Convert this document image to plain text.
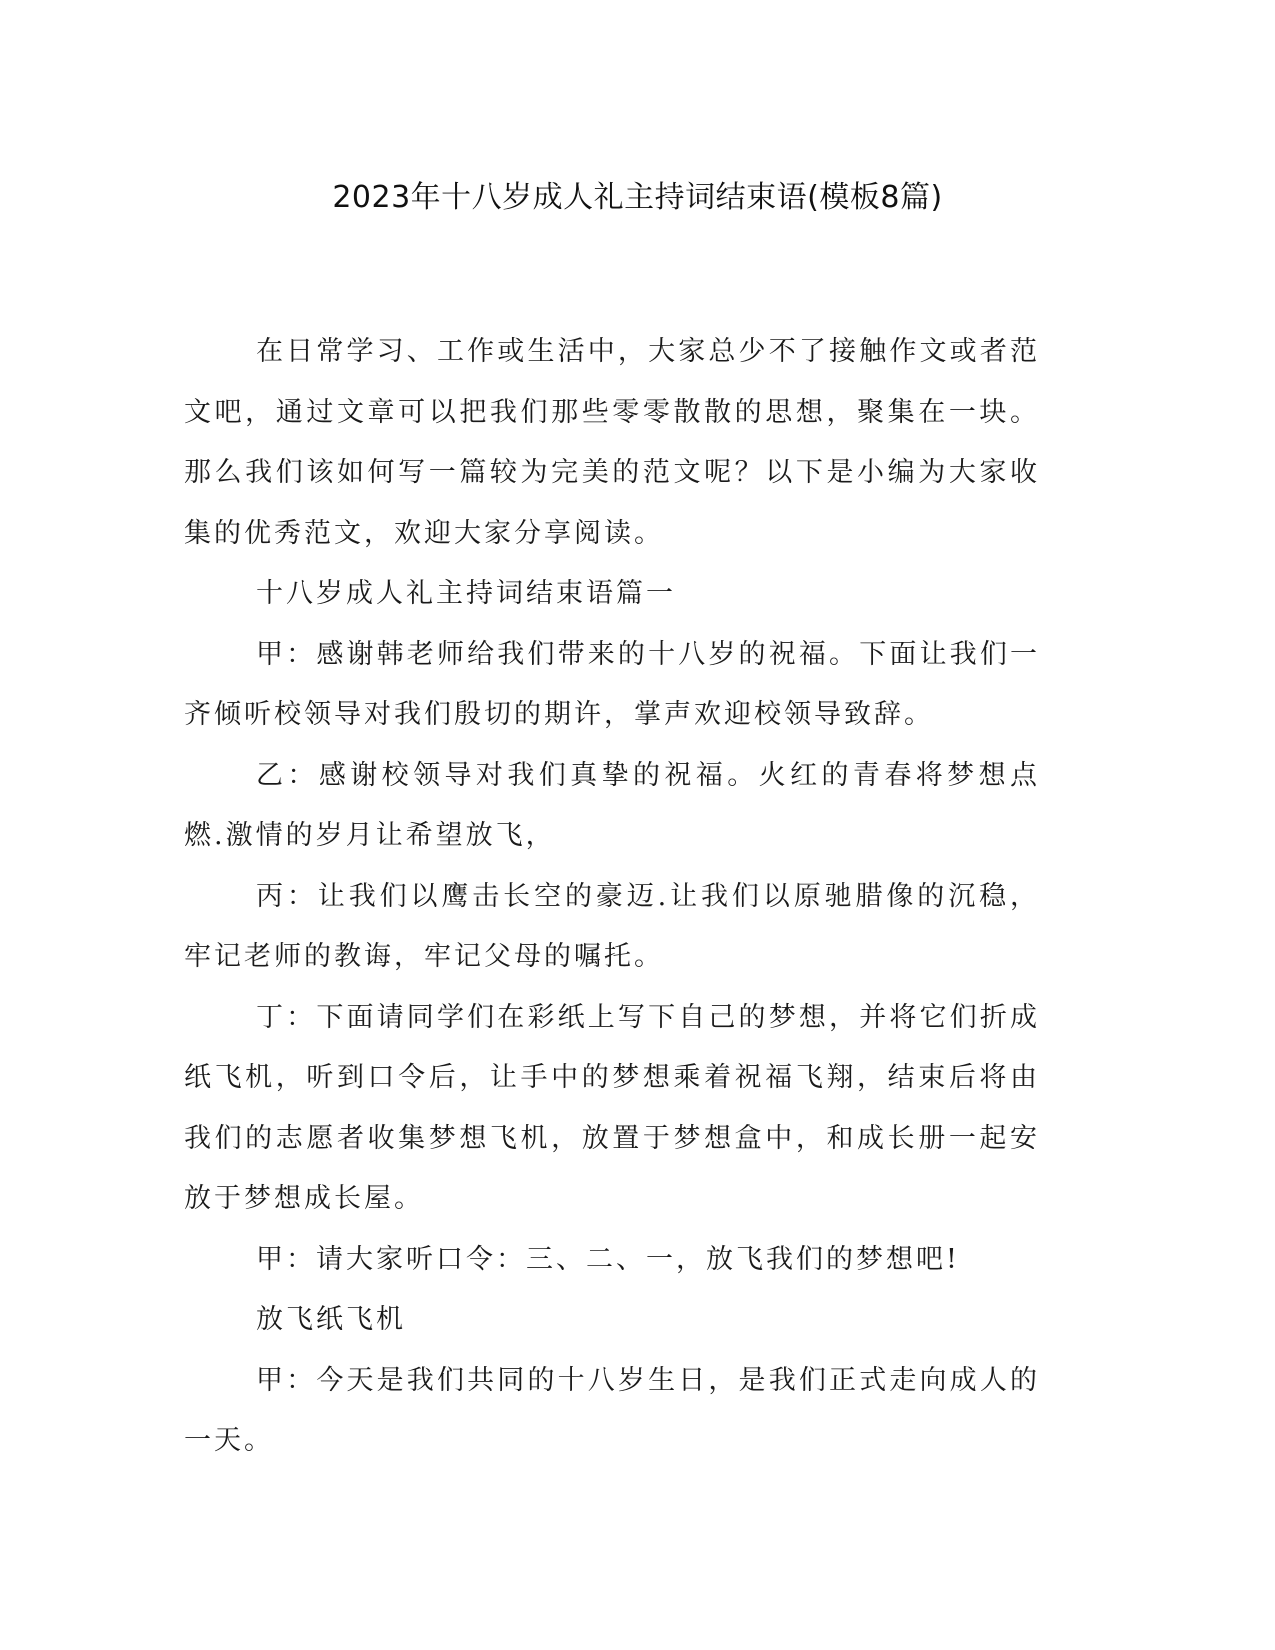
2023年十八岁成人礼主持词结束语(模板8篇)

在日常学习、工作或生活中，大家总少不了接触作文或者范文吧，通过文章可以把我们那些零零散散的思想，聚集在一块。那么我们该如何写一篇较为完美的范文呢？以下是小编为大家收集的优秀范文，欢迎大家分享阅读。

十八岁成人礼主持词结束语篇一

甲：感谢韩老师给我们带来的十八岁的祝福。下面让我们一齐倾听校领导对我们殷切的期许，掌声欢迎校领导致辞。

乙：感谢校领导对我们真挚的祝福。火红的青春将梦想点燃.激情的岁月让希望放飞，

丙：让我们以鹰击长空的豪迈.让我们以原驰腊像的沉稳，牢记老师的教诲，牢记父母的嘱托。

丁：下面请同学们在彩纸上写下自己的梦想，并将它们折成纸飞机，听到口令后，让手中的梦想乘着祝福飞翔，结束后将由我们的志愿者收集梦想飞机，放置于梦想盒中，和成长册一起安放于梦想成长屋。

甲：请大家听口令：三、二、一，放飞我们的梦想吧!

放飞纸飞机

甲：今天是我们共同的十八岁生日，是我们正式走向成人的一天。
